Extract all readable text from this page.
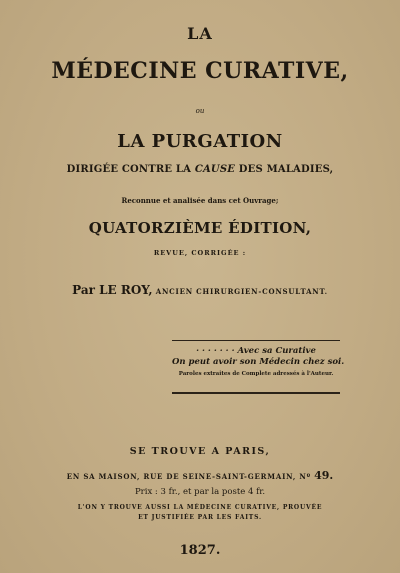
LA
MÉDECINE CURATIVE,
ou
LA PURGATION
DIRIGÉE CONTRE LA CAUSE DES MALADIES,
Reconnue et analisée dans cet Ouvrage;
QUATORZIÈME ÉDITION,
REVUE, CORRIGÉE :
Par LE ROY, ANCIEN CHIRURGIEN-CONSULTANT.
· · · · · · · Avec sa Curative
On peut avoir son Médecin chez soi.
Paroles extraites de Complete adressés à l'Auteur.
SE TROUVE A PARIS,
EN SA MAISON, RUE DE SEINE-SAINT-GERMAIN, Nº 49.
Prix : 3 fr., et par la poste 4 fr.
L'ON Y TROUVE AUSSI LA MÉDECINE CURATIVE, PROUVÉE
ET JUSTIFIÉE PAR LES FAITS.
1827.
